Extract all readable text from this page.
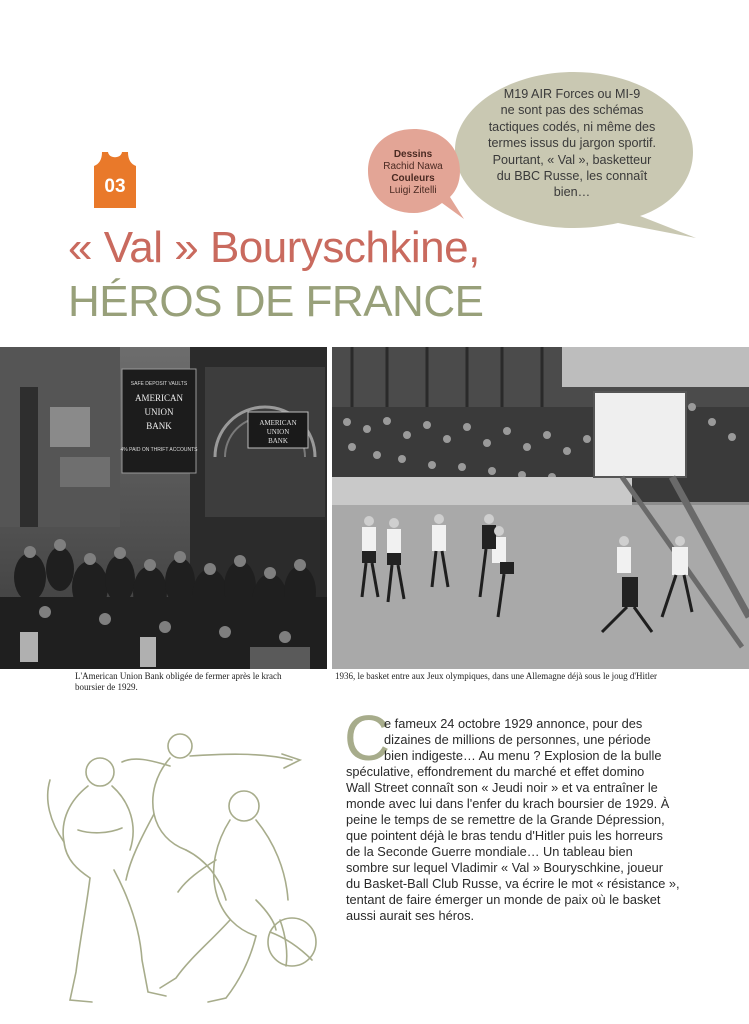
M19 AIR Forces ou MI-9
ne sont pas des schémas
tactiques codés, ni même des
termes issus du jargon sportif.
Pourtant, « Val », basketteur
du BBC Russe, les connaît
bien…
Dessins
Rachid Nawa
Couleurs
Luigi Zitelli
03
« Val » Bouryschkine,
HÉROS DE FRANCE
AMERICAN
UNION
BANK
SAFE DEPOSIT VAULTS
AMERICAN
UNION
BANK
4% PAID ON THRIFT ACCOUNTS
L'American Union Bank obligée de fermer après le krach
boursier de 1929.
1936, le basket entre aux Jeux olympiques, dans une Allemagne déjà sous le joug d'Hitler
C
e fameux 24 octobre 1929 annonce, pour des
dizaines de millions de personnes, une période
bien indigeste… Au menu ? Explosion de la bulle
spéculative, effondrement du marché et effet domino
Wall Street connaît son « Jeudi noir » et va entraîner le
monde avec lui dans l'enfer du krach boursier de 1929. À
peine le temps de se remettre de la Grande Dépression,
que pointent déjà le bras tendu d'Hitler puis les horreurs
de la Seconde Guerre mondiale… Un tableau bien
sombre sur lequel Vladimir « Val » Bouryschkine, joueur
du Basket-Ball Club Russe, va écrire le mot « résistance »,
tentant de faire émerger un monde de paix où le basket
aussi aurait ses héros.
